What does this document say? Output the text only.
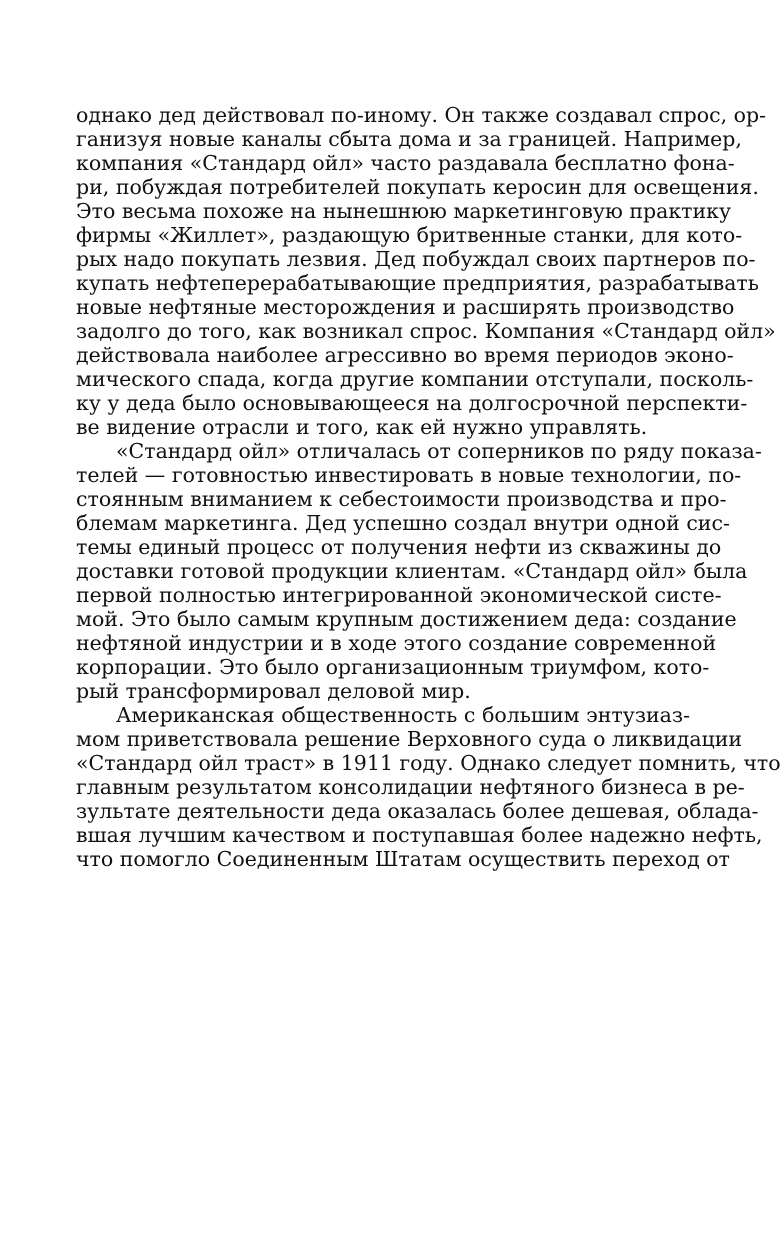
однако дед действовал по-иному. Он также создавал спрос, ор-
ганизуя новые каналы сбыта дома и за границей. Например,
компания «Стандард ойл» часто раздавала бесплатно фона-
ри, побуждая потребителей покупать керосин для освещения.
Это весьма похоже на нынешнюю маркетинговую практику
фирмы «Жиллет», раздающую бритвенные станки, для кото-
рых надо покупать лезвия. Дед побуждал своих партнеров по-
купать нефтеперерабатывающие предприятия, разрабатывать
новые нефтяные месторождения и расширять производство
задолго до того, как возникал спрос. Компания «Стандард ойл»
действовала наиболее агрессивно во время периодов эконо-
мического спада, когда другие компании отступали, посколь-
ку у деда было основывающееся на долгосрочной перспекти-
ве видение отрасли и того, как ей нужно управлять.
«Стандард ойл» отличалась от соперников по ряду показа-
телей — готовностью инвестировать в новые технологии, по-
стоянным вниманием к себестоимости производства и про-
блемам маркетинга. Дед успешно создал внутри одной сис-
темы единый процесс от получения нефти из скважины до
доставки готовой продукции клиентам. «Стандард ойл» была
первой полностью интегрированной экономической систе-
мой. Это было самым крупным достижением деда: создание
нефтяной индустрии и в ходе этого создание современной
корпорации. Это было организационным триумфом, кото-
рый трансформировал деловой мир.
Американская общественность с большим энтузиаз-
мом приветствовала решение Верховного суда о ликвидации
«Стандард ойл траст» в 1911 году. Однако следует помнить, что
главным результатом консолидации нефтяного бизнеса в ре-
зультате деятельности деда оказалась более дешевая, облада-
вшая лучшим качеством и поступавшая более надежно нефть,
что помогло Соединенным Штатам осуществить переход от
